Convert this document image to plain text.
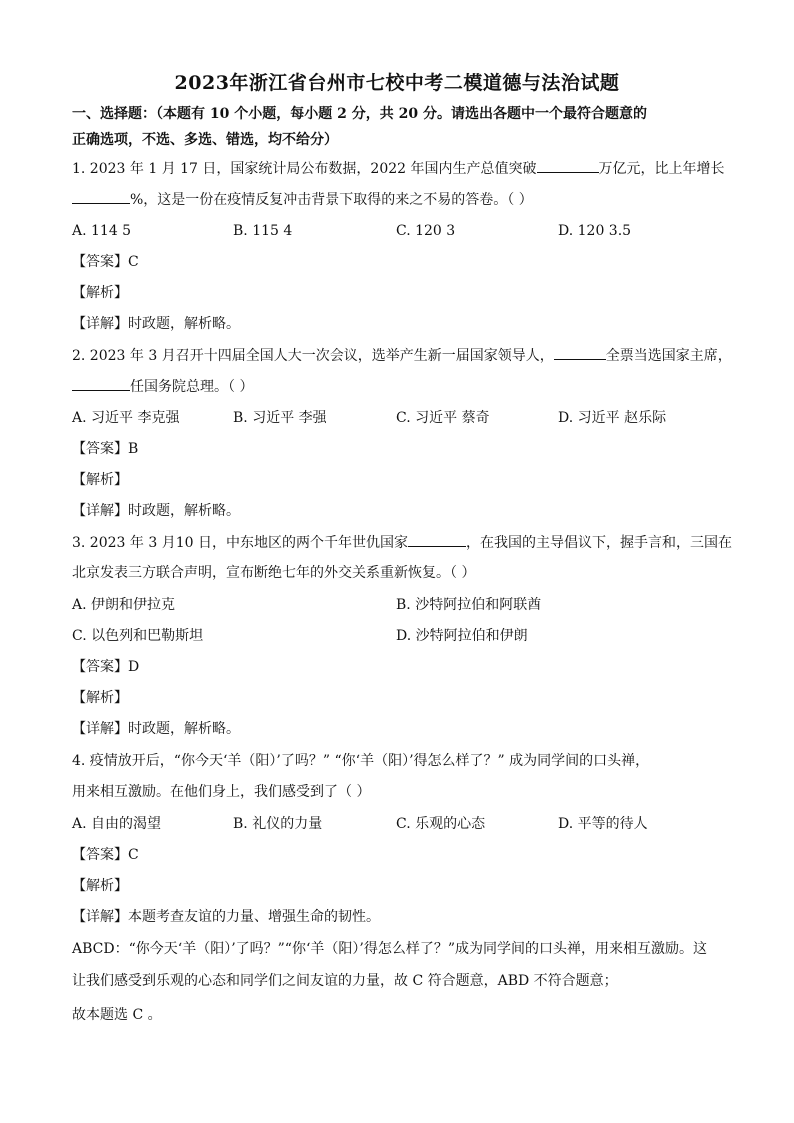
2023年浙江省台州市七校中考二模道德与法治试题
一、选择题：（本题有 10 个小题，每小题 2 分，共 20 分。请选出各题中一个最符合题意的
正确选项，不选、多选、错选，均不给分）
1. 2023 年 1 月 17 日，国家统计局公布数据，2022 年国内生产总值突破	万亿元，比上年增长
%，这是一份在疫情反复冲击背景下取得的来之不易的答卷。（ ）
A. 114 5	B. 115 4	C. 120 3	D. 120 3.5
【答案】C
【解析】
【详解】时政题，解析略。
2. 2023 年 3 月召开十四届全国人大一次会议，选举产生新一届国家领导人，	全票当选国家主席，
任国务院总理。（ ）
A. 习近平 李克强	B. 习近平 李强	C. 习近平 蔡奇	D. 习近平 赵乐际
【答案】B
【解析】
【详解】时政题，解析略。
3. 2023 年 3 月10 日，中东地区的两个千年世仇国家	，在我国的主导倡议下，握手言和，三国在
北京发表三方联合声明，宣布断绝七年的外交关系重新恢复。（ ）
A. 伊朗和伊拉克	B. 沙特阿拉伯和阿联酋
C. 以色列和巴勒斯坦	D. 沙特阿拉伯和伊朗
【答案】D
【解析】
【详解】时政题，解析略。
4. 疫情放开后，“你今天‘羊（阳）’了吗？” “你‘羊（阳）’得怎么样了？” 成为同学间的口头禅，
用来相互激励。在他们身上，我们感受到了（ ）
A. 自由的渴望	B. 礼仪的力量	C. 乐观的心态	D. 平等的待人
【答案】C
【解析】
【详解】本题考查友谊的力量、增强生命的韧性。
ABCD：“你今天‘羊（阳）’了吗？”“你‘羊（阳）’得怎么样了？”成为同学间的口头禅，用来相互激励。这
让我们感受到乐观的心态和同学们之间友谊的力量，故 C 符合题意，ABD 不符合题意；
故本题选 C 。
